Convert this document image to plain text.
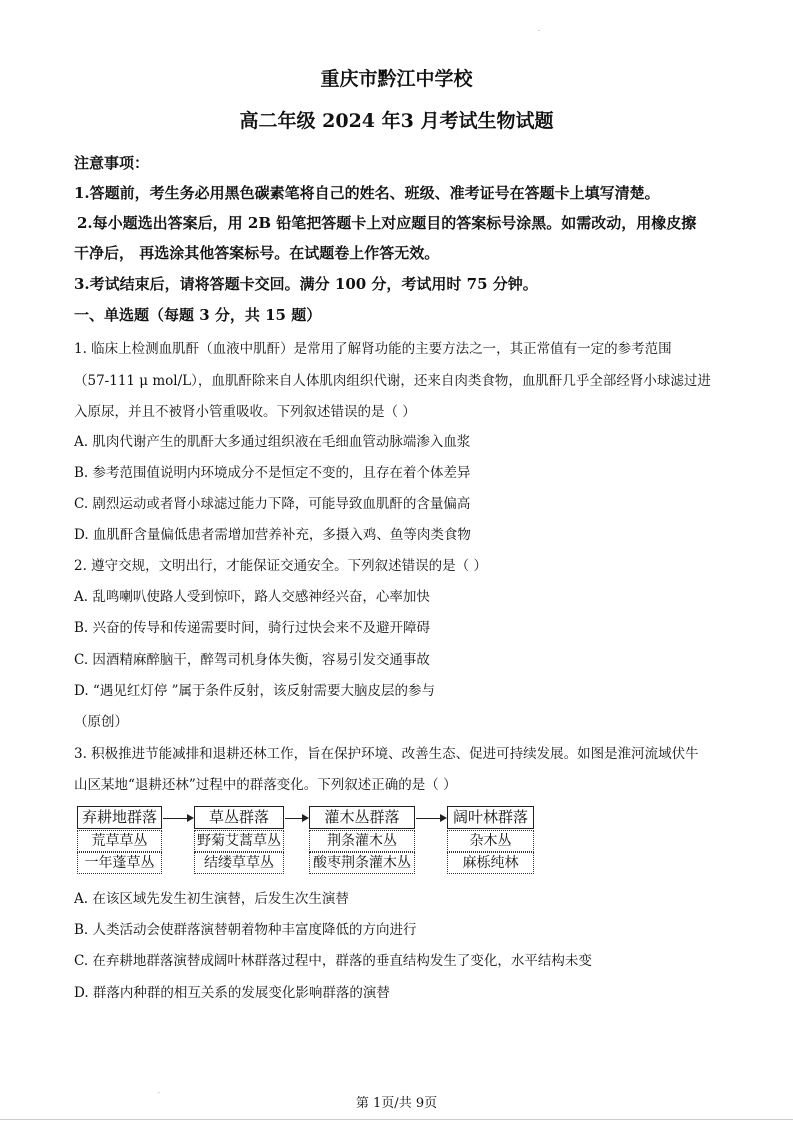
·
重庆市黔江中学校
高二年级 2024 年3 月考试生物试题
注意事项：
1.答题前，考生务必用黑色碳素笔将自己的姓名、班级、准考证号在答题卡上填写清楚。
2.每小题选出答案后，用 2B 铅笔把答题卡上对应题目的答案标号涂黑。如需改动，用橡皮擦
干净后， 再选涂其他答案标号。在试题卷上作答无效。
3.考试结束后，请将答题卡交回。满分 100 分，考试用时 75 分钟。
一、单选题（每题 3 分，共 15 题）
1. 临床上检测血肌酐（血液中肌酐）是常用了解肾功能的主要方法之一，其正常值有一定的参考范围
（57-111 μ mol/L），血肌酐除来自人体肌肉组织代谢，还来自肉类食物，血肌酐几乎全部经肾小球滤过进
入原尿，并且不被肾小管重吸收。下列叙述错误的是（ ）
A. 肌肉代谢产生的肌酐大多通过组织液在毛细血管动脉端渗入血浆
B. 参考范围值说明内环境成分不是恒定不变的，且存在着个体差异
C. 剧烈运动或者肾小球滤过能力下降，可能导致血肌酐的含量偏高
D. 血肌酐含量偏低患者需增加营养补充，多摄入鸡、鱼等肉类食物
2. 遵守交规，文明出行，才能保证交通安全。下列叙述错误的是（ ）
A. 乱鸣喇叭使路人受到惊吓，路人交感神经兴奋，心率加快
B. 兴奋的传导和传递需要时间，骑行过快会来不及避开障碍
C. 因酒精麻醉脑干，醉驾司机身体失衡，容易引发交通事故
D. “遇见红灯停 ”属于条件反射，该反射需要大脑皮层的参与
（原创）
3. 积极推进节能减排和退耕还林工作，旨在保护环境、改善生态、促进可持续发展。如图是淮河流域伏牛
山区某地“退耕还林”过程中的群落变化。下列叙述正确的是（ ）
弃耕地群落
荒草草丛
一年蓬草丛
草丛群落
野菊艾蒿草丛
结缕草草丛
灌木丛群落
荆条灌木丛
酸枣荆条灌木丛
阔叶林群落
杂木丛
麻栎纯林
A. 在该区域先发生初生演替，后发生次生演替
B. 人类活动会使群落演替朝着物种丰富度降低的方向进行
C. 在弃耕地群落演替成阔叶林群落过程中，群落的垂直结构发生了变化，水平结构未变
D. 群落内种群的相互关系的发展变化影响群落的演替
第 1页/共 9页
·
